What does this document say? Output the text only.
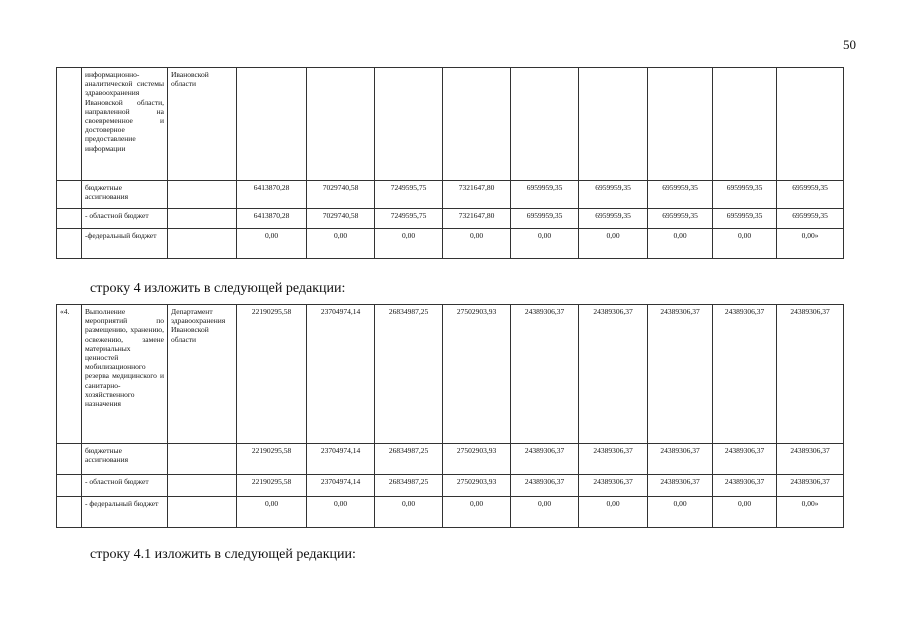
50
	информационно-аналитической системы здравоохранения Ивановской области, направленной на своевременное и достоверное предоставление информации	Ивановской области									
	бюджетные ассигнования		6413870,28	7029740,58	7249595,75	7321647,80	6959959,35	6959959,35	6959959,35	6959959,35	6959959,35
	- областной бюджет		6413870,28	7029740,58	7249595,75	7321647,80	6959959,35	6959959,35	6959959,35	6959959,35	6959959,35
	-федеральный бюджет		0,00	0,00	0,00	0,00	0,00	0,00	0,00	0,00	0,00»
строку 4 изложить в следующей редакции:
«4.	Выполнение мероприятий по размещению, хранению, освежению, замене материальных ценностей мобилизационного резерва медицинского и санитарно-хозяйственного назначения	Департамент здравоохранения Ивановской области	22190295,58	23704974,14	26834987,25	27502903,93	24389306,37	24389306,37	24389306,37	24389306,37	24389306,37
	бюджетные ассигнования		22190295,58	23704974,14	26834987,25	27502903,93	24389306,37	24389306,37	24389306,37	24389306,37	24389306,37
	- областной бюджет		22190295,58	23704974,14	26834987,25	27502903,93	24389306,37	24389306,37	24389306,37	24389306,37	24389306,37
	- федеральный бюджет		0,00	0,00	0,00	0,00	0,00	0,00	0,00	0,00	0,00»
строку 4.1 изложить в следующей редакции:
